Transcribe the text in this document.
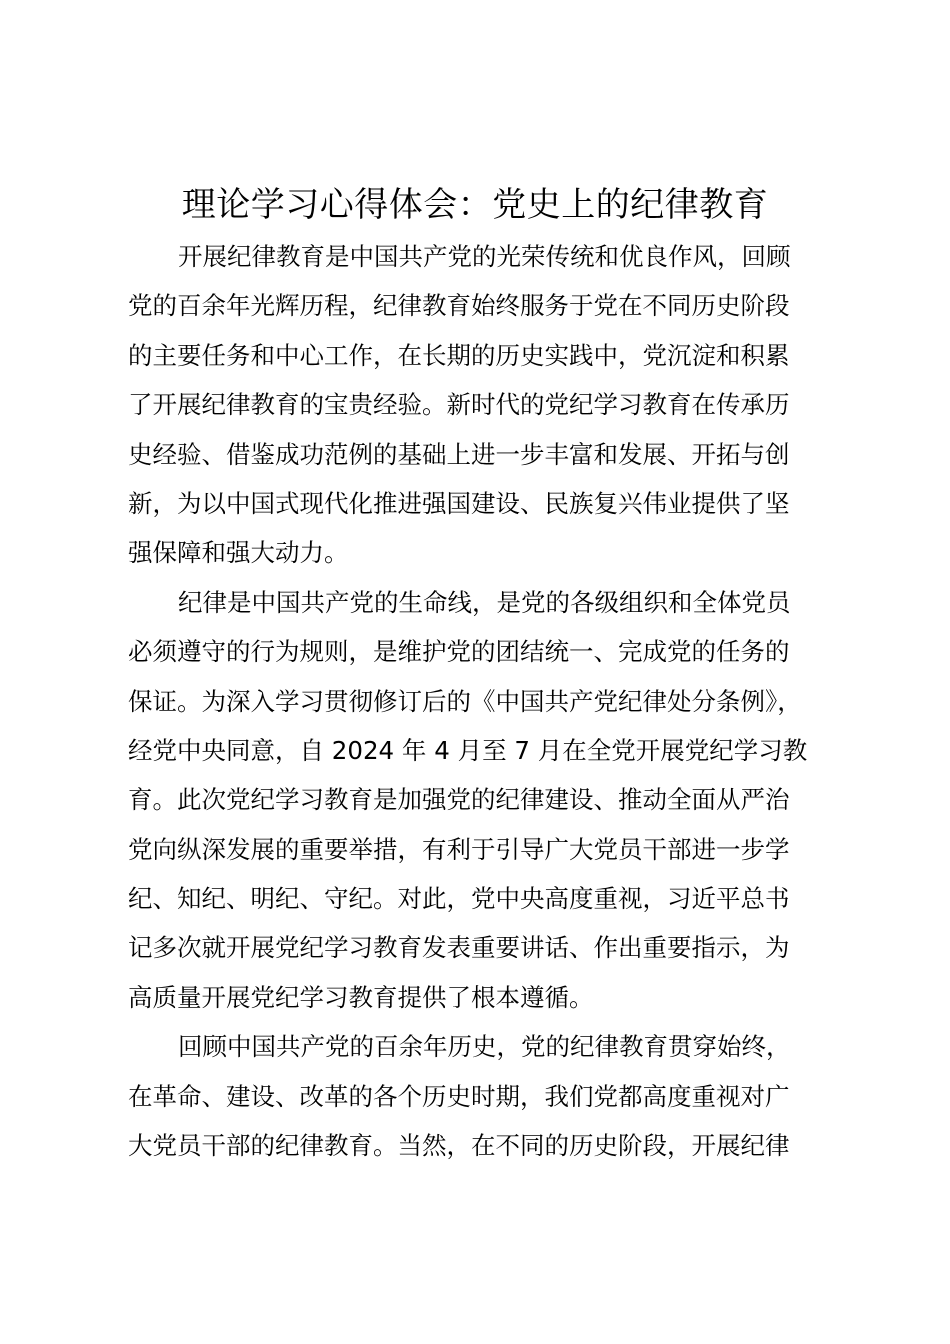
理论学习心得体会：党史上的纪律教育
开展纪律教育是中国共产党的光荣传统和优良作风，回顾
党的百余年光辉历程，纪律教育始终服务于党在不同历史阶段
的主要任务和中心工作，在长期的历史实践中，党沉淀和积累
了开展纪律教育的宝贵经验。新时代的党纪学习教育在传承历
史经验、借鉴成功范例的基础上进一步丰富和发展、开拓与创
新，为以中国式现代化推进强国建设、民族复兴伟业提供了坚
强保障和强大动力。
纪律是中国共产党的生命线，是党的各级组织和全体党员
必须遵守的行为规则，是维护党的团结统一、完成党的任务的
保证。为深入学习贯彻修订后的《中国共产党纪律处分条例》，
经党中央同意，自 2024 年 4 月至 7 月在全党开展党纪学习教
育。此次党纪学习教育是加强党的纪律建设、推动全面从严治
党向纵深发展的重要举措，有利于引导广大党员干部进一步学
纪、知纪、明纪、守纪。对此，党中央高度重视，习近平总书
记多次就开展党纪学习教育发表重要讲话、作出重要指示，为
高质量开展党纪学习教育提供了根本遵循。
回顾中国共产党的百余年历史，党的纪律教育贯穿始终，
在革命、建设、改革的各个历史时期，我们党都高度重视对广
大党员干部的纪律教育。当然，在不同的历史阶段，开展纪律
